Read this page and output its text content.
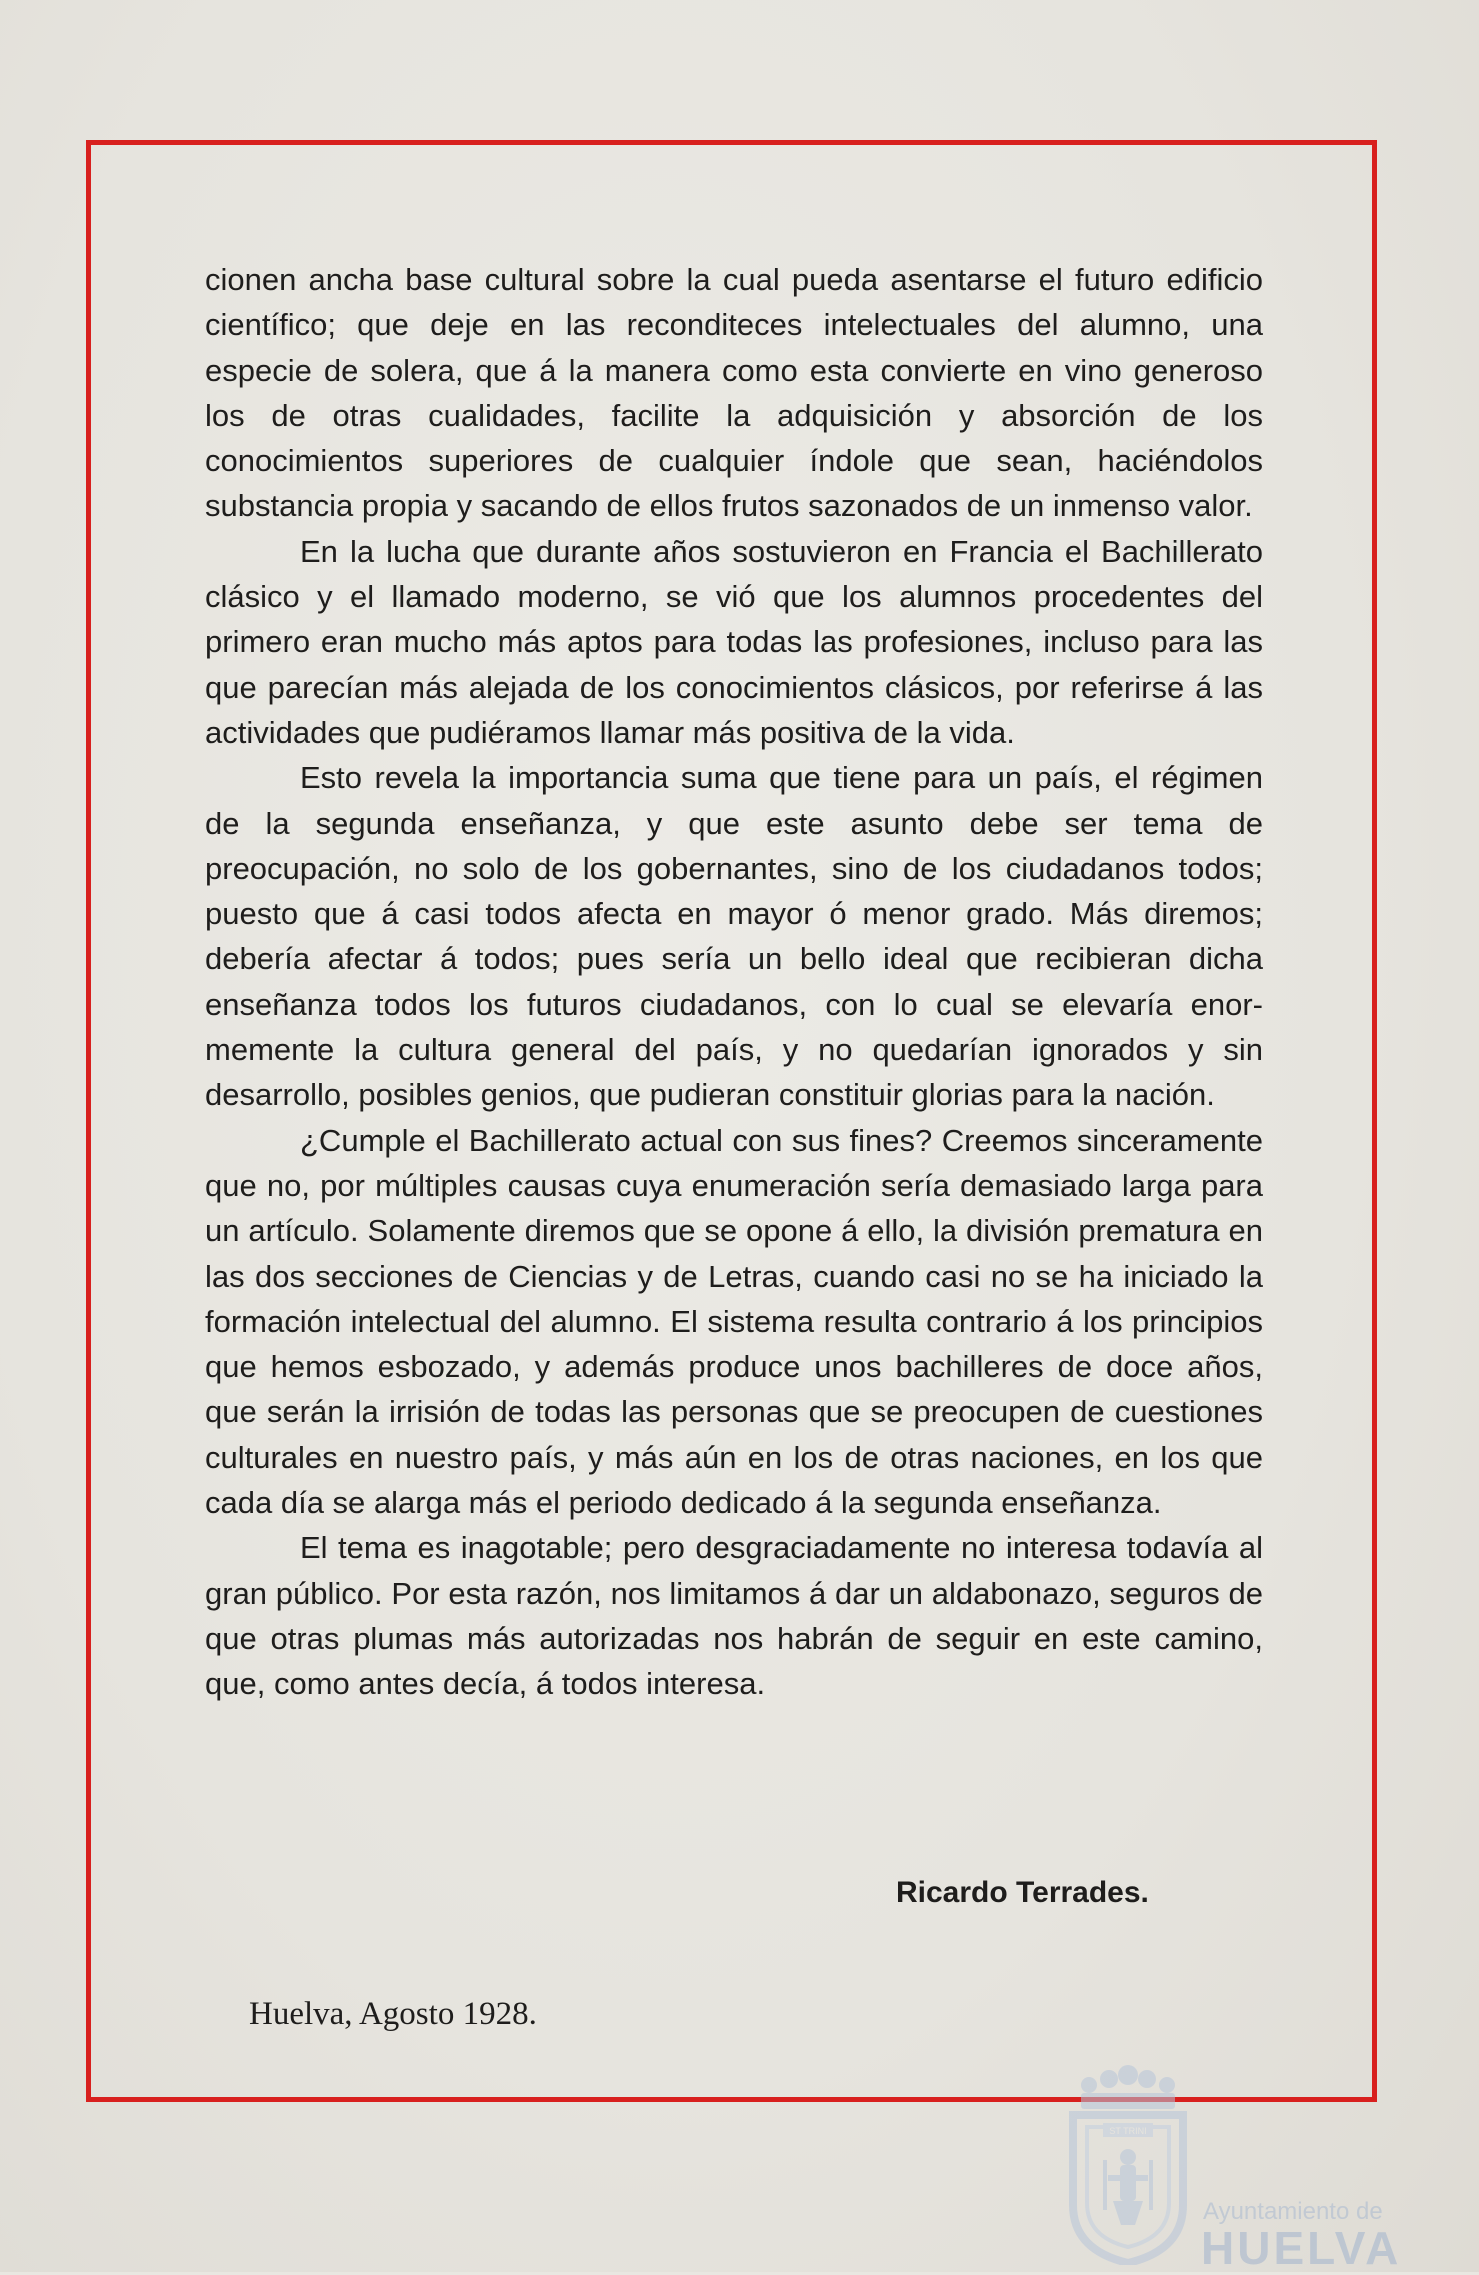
cionen ancha base cultural sobre la cual pueda asentarse el futuro edificio científico; que deje en las reconditeces intelectuales del alumno, una especie de solera, que á la manera como esta convierte en vino generoso los de otras cualidades, facilite la adquisición y absorción de los conocimientos superiores de cualquier índole que sean, haciéndolos substancia propia y sacando de ellos frutos sazonados de un inmenso valor.

En la lucha que durante años sostuvieron en Francia el Bachillerato clásico y el llamado moderno, se vió que los alumnos procedentes del primero eran mucho más aptos para todas las profesiones, incluso para las que parecían más alejada de los conocimientos clásicos, por referirse á las actividades que pudiéramos llamar más positiva de la vida.

Esto revela la importancia suma que tiene para un país, el régimen de la segunda enseñanza, y que este asunto debe ser tema de preocupación, no solo de los gobernantes, sino de los ciudadanos todos; puesto que á casi todos afecta en mayor ó menor grado. Más diremos; debería afectar á todos; pues sería un bello ideal que recibieran dicha enseñanza todos los futuros ciudadanos, con lo cual se elevaría enormemente la cultura general del país, y no quedarían ignorados y sin desarrollo, posibles genios, que pudieran constituir glorias para la nación.

¿Cumple el Bachillerato actual con sus fines? Creemos sinceramente que no, por múltiples causas cuya enumeración sería demasiado larga para un artículo. Solamente diremos que se opone á ello, la división prematura en las dos secciones de Ciencias y de Letras, cuando casi no se ha iniciado la formación intelectual del alumno. El sistema resulta contrario á los principios que hemos esbozado, y además produce unos bachilleres de doce años, que serán la irrisión de todas las personas que se preocupen de cuestiones culturales en nuestro país, y más aún en los de otras naciones, en los que cada día se alarga más el periodo dedicado á la segunda enseñanza.

El tema es inagotable; pero desgraciadamente no interesa todavía al gran público. Por esta razón, nos limitamos á dar un aldabonazo, seguros de que otras plumas más autorizadas nos habrán de seguir en este camino, que, como antes decía, á todos interesa.

Ricardo Terrades.
Huelva, Agosto 1928.
ST TRINI
Ayuntamiento de
HUELVA
